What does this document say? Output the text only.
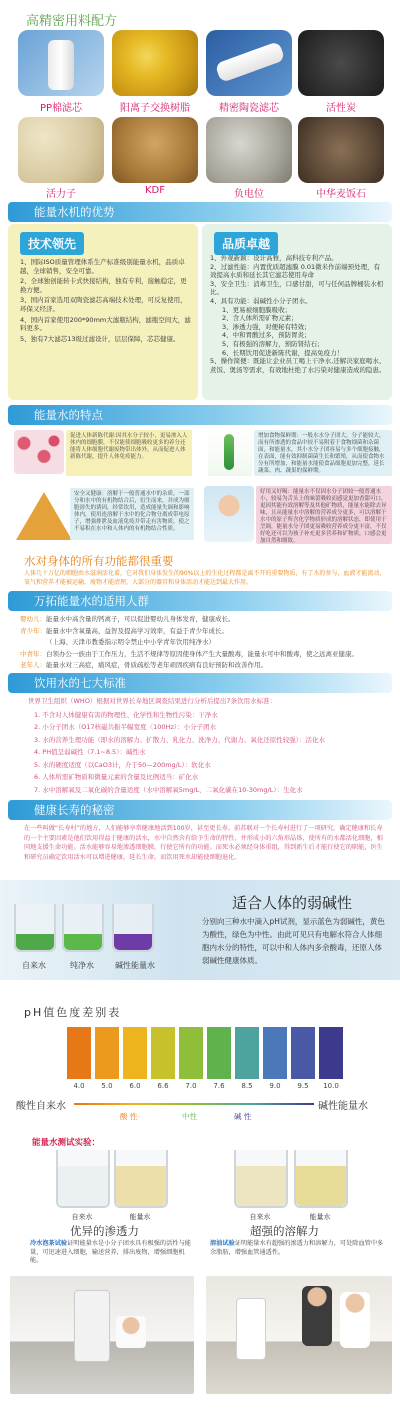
高精密用料配方
PP棉滤芯	阳离子交换树脂	精密陶瓷滤芯	活性炭
活力子	KDF	负电位	中华麦饭石
能量水机的优势
技术领先
1、国际ISO质量管理体系生产标准级别能量水机，品质卓越，全球销售，安全可靠。
2、全球独创能转卡式快接结构，独有专利，接触稳定，更换方便。
3、国内首家选用双陶瓷滤芯高端技术处理，可反复使用，环保又经济。
4、国内首家使用200*90mm大滤瓶结构，滤瓶空间大，滤料更多。
5、独有7大滤芯13级过滤设计，层层保障，芯芯健康。
品质卓越
1、外观新颖：设计高雅，高科技专利产品。
2、过滤性能：内置优质超滤膜 0.01微米作前端预处理，有效提高水质和延长其它滤芯使用寿命
3、安全卫生：消毒卫生，口感甘甜，可与任何品牌桶装水相比。
4、具有功能：弱碱性小分子团水。
1、更易被细胞膜吸收；
2、含人体所需矿物元素；
3、渗透力强，对便秘有特效；
4、中和胃酸过多，预防胃炎；
5、有极强的溶解力，预防肾结石；
6、长期饮用促进新陈代谢，提高免疫力！
5、操作简便：既能让企业员工喝上干净水,还解决家庭喝水、煮饭、煲汤等需求，有效地杜绝了水污染对健康造成的隐患。
能量水的特点
促进人体新陈代谢:因其水分子较小，更易渗入人体内的细胞膜，不仅能使细胞吸收更多的养分还能将人体细胞代谢废物带出体外，从而促进人体新陈代谢，提升人体免疫能力。
增加食物保鲜期：一般水水分子团大，分子能较大，而有所渗透的食品中较不易附着于食物细菌和杂菌面，和能量水，其小水分子团容易与多个细胞接触，在表面，能有效抑制菌菌生长和繁殖，从而使食物水分有所增加，和能量水能使食品细胞更加完整，延长蔬菜、肉、蔬果的保鲜期。
安全又健康：溶解于一般普通水中的杂质，一部分和水中的有机物结合后，衍生而来，并成为细胞溶失的诱因，经常饮用，造成能量失调和影响体内，使用连溶解于水中的化合物分离成带电原子，增强排泄及血液免疫并带走有害物质，使之不易积在水中和人体内的有机物结合性质。
好用又好喝：能量水不仅因水分子团较一般普通水小，较易为舌头上的味蕾吸收而感觉更加香甜可口，更因其能有效溶解等及其他矿物质，能量水能除去异味，且从能量水中溶解的营养成分更多，可以溶解于水中的原子所含化学物质形成的溶解状态，即使用于烹调，能量水分子团更易吸收营养成分更丰富，不仅好吃还可以为孩子补充更多营养和矿物质，口感会更加自然和细致。
水对身体的所有功能都很重要
人体几十万亿的细胞由水滋润活化着，它对我们身体发生的90%以上的生化过程都是离不开的重要物质，有了水的参与，血液才能流动，氧气和营养才能被运输，废物才能清理，大部分的器官和身体活动才能达到最大作用。
万拓能量水的适用人群
婴幼儿：能量水中高含量的钙离子，可以促进婴幼儿身体发育，健康成长。
青少年：能量水中含氧量高，益智及提高学习效率，有益于青少年成长。
（上海、天津市教委指示明令禁止中小学青年饮用纯净水）
中青年：白领办公一族由于工作压力，生活不规律等原因使身体产生大量酸毒，能量水可中和酸毒，使之远离亚健康。
老年人：能量水对三高症，痛风症，骨质疏松等老年顽固疾病有良好预防和改善作用。
饮用水的七大标准
世界卫生组织（WHO）根据对世界长寿地区调查结果进行分析后提出7条饮用水标准：
1. 不含对人体健康有害的物理性、化学性和生物性污染：干净水
2. 小分子团水（O17核磁共振半幅宽度〈100Hz）：小分子团水
3. 水的营养生理功能（即水的溶解力、扩散力、乳化力、洗净力、代谢力、氧化还原性较强）：活化水
4. PH值呈弱碱性（7.1~8.5）：碱性水
5. 水的硬度适度（以CaO3计，介于50—200mg/L）：软化水
6. 人体所需矿物质和微量元素的含量及比例适当：矿化水
7. 水中溶解氧及二氧化碳的含量适度（水中溶解氧5mg/L，二氧化碳在10-30mg/L）：生化水
健康长寿的秘密
在一些叫做“长寿村”的地方，人们能够享常健康地活到100岁，甚至更长寿。前苏联对一个长寿村进行了一项研究，确定健康和长寿的一个主要因素是他们饮用得益于健康的活水，水中自然含有给予生命的特性，并形成小的六角形晶体，使所有的水都活化细胞，相同地支援生命功能。活水能够容易地渗透细胞膜，行使它所有的功能。而死水必须经身体重组，得到新生后才能行使它的职能，医生和研究员确定饮用活水可以增进健康，延长生命，而饮用死水却能使细胞退化。
自来水	纯净水	碱性能量水
适合人体的弱碱性
分别向三种水中滴入pH试剂，显示蓝色为弱碱性，黄色为酸性，绿色为中性。由此可见只有电解水符合人体细胞内水分的特性，可以中和人体内多余酸毒，还原人体弱碱性健康体质。
pH值色度差别表
4.0	5.0	6.0	6.6	7.0	7.6	8.5	9.0	9.5	10.0
酸性自来水	碱性能量水
酸 性	中性	碱 性
能量水测试实验：
自来水	能量水
优异的渗透力
冷水泡茶试验证明能量水是小分子团水具有极强的活性与能量，可迅速进入细胞，输送营养，排出废物，增强细胞机能。
自来水	能量水
超强的溶解力
溶油试验证明能量水有超强的渗透力和溶解力，可处除血管中多余脂肪，增强血管通透性。
